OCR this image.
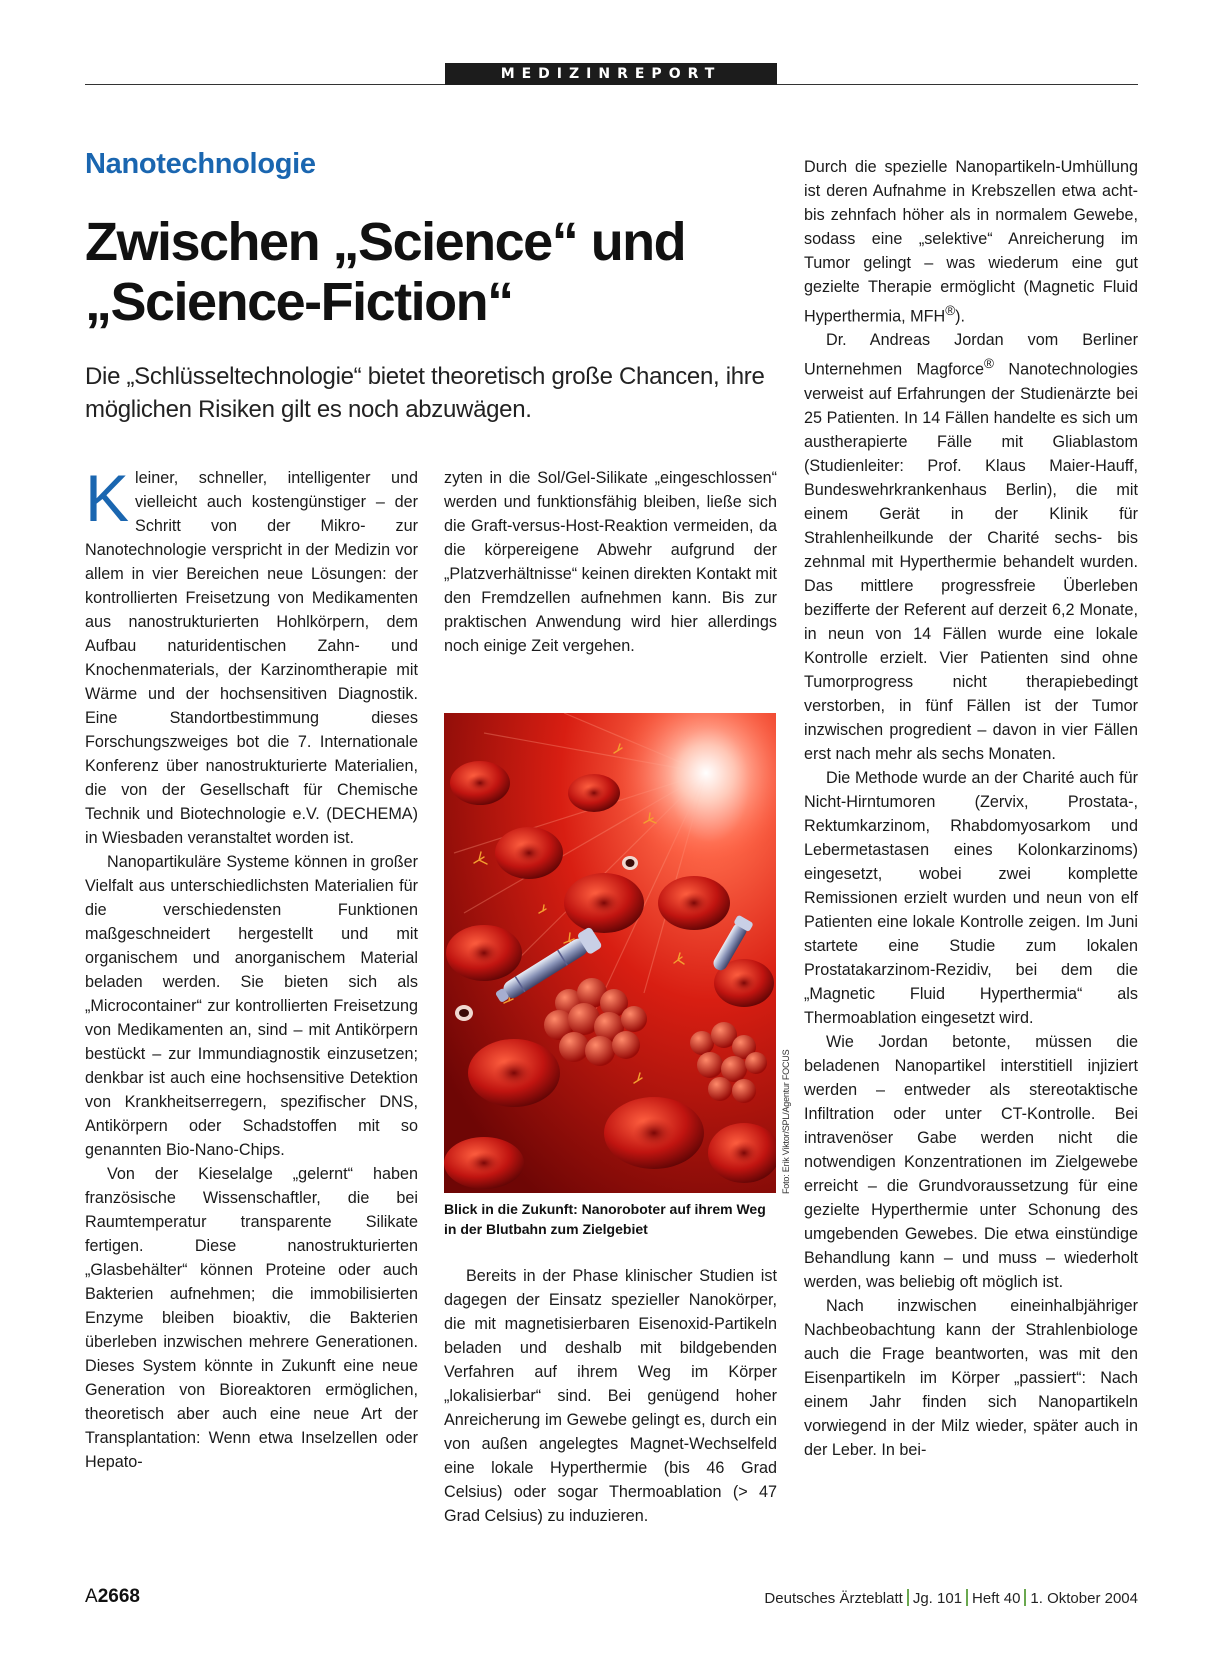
MEDIZINREPORT
Nanotechnologie
Zwischen „Science“ und „Science-Fiction“

Die „Schlüsseltechnologie“ bietet theoretisch große Chancen, ihre möglichen Risiken gilt es noch abzuwägen.

Kleiner, schneller, intelligenter und vielleicht auch kostengünstiger – der Schritt von der Mikro- zur Nanotechnologie verspricht in der Medizin vor allem in vier Bereichen neue Lösungen: der kontrollierten Freisetzung von Medikamenten aus nanostrukturierten Hohlkörpern, dem Aufbau naturidentischen Zahn- und Knochenmaterials, der Karzinomtherapie mit Wärme und der hochsensitiven Diagnostik. Eine Standortbestimmung dieses Forschungszweiges bot die 7. Internationale Konferenz über nanostrukturierte Materialien, die von der Gesellschaft für Chemische Technik und Biotechnologie e.V. (DECHEMA) in Wiesbaden veranstaltet worden ist.

Nanopartikuläre Systeme können in großer Vielfalt aus unterschiedlichsten Materialien für die verschiedensten Funktionen maßgeschneidert hergestellt und mit organischem und anorganischem Material beladen werden. Sie bieten sich als „Microcontainer“ zur kontrollierten Freisetzung von Medikamenten an, sind – mit Antikörpern bestückt – zur Immundiagnostik einzusetzen; denkbar ist auch eine hochsensitive Detektion von Krankheitserregern, spezifischer DNS, Antikörpern oder Schadstoffen mit so genannten Bio-Nano-Chips.

Von der Kieselalge „gelernt“ haben französische Wissenschaftler, die bei Raumtemperatur transparente Silikate fertigen. Diese nanostrukturierten „Glasbehälter“ können Proteine oder auch Bakterien aufnehmen; die immobilisierten Enzyme bleiben bioaktiv, die Bakterien überleben inzwischen mehrere Generationen. Dieses System könnte in Zukunft eine neue Generation von Bioreaktoren ermöglichen, theoretisch aber auch eine neue Art der Transplantation: Wenn etwa Inselzellen oder Hepato-

zyten in die Sol/Gel-Silikate „eingeschlossen“ werden und funktionsfähig bleiben, ließe sich die Graft-versus-Host-Reaktion vermeiden, da die körpereigene Abwehr aufgrund der „Platzverhältnisse“ keinen direkten Kontakt mit den Fremdzellen aufnehmen kann. Bis zur praktischen Anwendung wird hier allerdings noch einige Zeit vergehen.

Foto: Erik Viktor/SPL/Agentur FOCUS
Blick in die Zukunft: Nanoroboter auf ihrem Weg in der Blutbahn zum Zielgebiet

Bereits in der Phase klinischer Studien ist dagegen der Einsatz spezieller Nanokörper, die mit magnetisierbaren Eisenoxid-Partikeln beladen und deshalb mit bildgebenden Verfahren auf ihrem Weg im Körper „lokalisierbar“ sind. Bei genügend hoher Anreicherung im Gewebe gelingt es, durch ein von außen angelegtes Magnet-Wechselfeld eine lokale Hyperthermie (bis 46 Grad Celsius) oder sogar Thermoablation (> 47 Grad Celsius) zu induzieren.

Durch die spezielle Nanopartikeln-Umhüllung ist deren Aufnahme in Krebszellen etwa acht- bis zehnfach höher als in normalem Gewebe, sodass eine „selektive“ Anreicherung im Tumor gelingt – was wiederum eine gut gezielte Therapie ermöglicht (Magnetic Fluid Hyperthermia, MFH®).

Dr. Andreas Jordan vom Berliner Unternehmen Magforce® Nanotechnologies verweist auf Erfahrungen der Studienärzte bei 25 Patienten. In 14 Fällen handelte es sich um austherapierte Fälle mit Gliablastom (Studienleiter: Prof. Klaus Maier-Hauff, Bundeswehrkrankenhaus Berlin), die mit einem Gerät in der Klinik für Strahlenheilkunde der Charité sechs- bis zehnmal mit Hyperthermie behandelt wurden. Das mittlere progressfreie Überleben bezifferte der Referent auf derzeit 6,2 Monate, in neun von 14 Fällen wurde eine lokale Kontrolle erzielt. Vier Patienten sind ohne Tumorprogress nicht therapiebedingt verstorben, in fünf Fällen ist der Tumor inzwischen progredient – davon in vier Fällen erst nach mehr als sechs Monaten.

Die Methode wurde an der Charité auch für Nicht-Hirntumoren (Zervix, Prostata-, Rektumkarzinom, Rhabdomyosarkom und Lebermetastasen eines Kolonkarzinoms) eingesetzt, wobei zwei komplette Remissionen erzielt wurden und neun von elf Patienten eine lokale Kontrolle zeigen. Im Juni startete eine Studie zum lokalen Prostatakarzinom-Rezidiv, bei dem die „Magnetic Fluid Hyperthermia“ als Thermoablation eingesetzt wird.

Wie Jordan betonte, müssen die beladenen Nanopartikel interstitiell injiziert werden – entweder als stereotaktische Infiltration oder unter CT-Kontrolle. Bei intravenöser Gabe werden nicht die notwendigen Konzentrationen im Zielgewebe erreicht – die Grundvoraussetzung für eine gezielte Hyperthermie unter Schonung des umgebenden Gewebes. Die etwa einstündige Behandlung kann – und muss – wiederholt werden, was beliebig oft möglich ist.

Nach inzwischen eineinhalbjähriger Nachbeobachtung kann der Strahlenbiologe auch die Frage beantworten, was mit den Eisenpartikeln im Körper „passiert“: Nach einem Jahr finden sich Nanopartikeln vorwiegend in der Milz wieder, später auch in der Leber. In bei-

A2668	Deutsches Ärzteblatt Jg. 101 Heft 40 1. Oktober 2004
